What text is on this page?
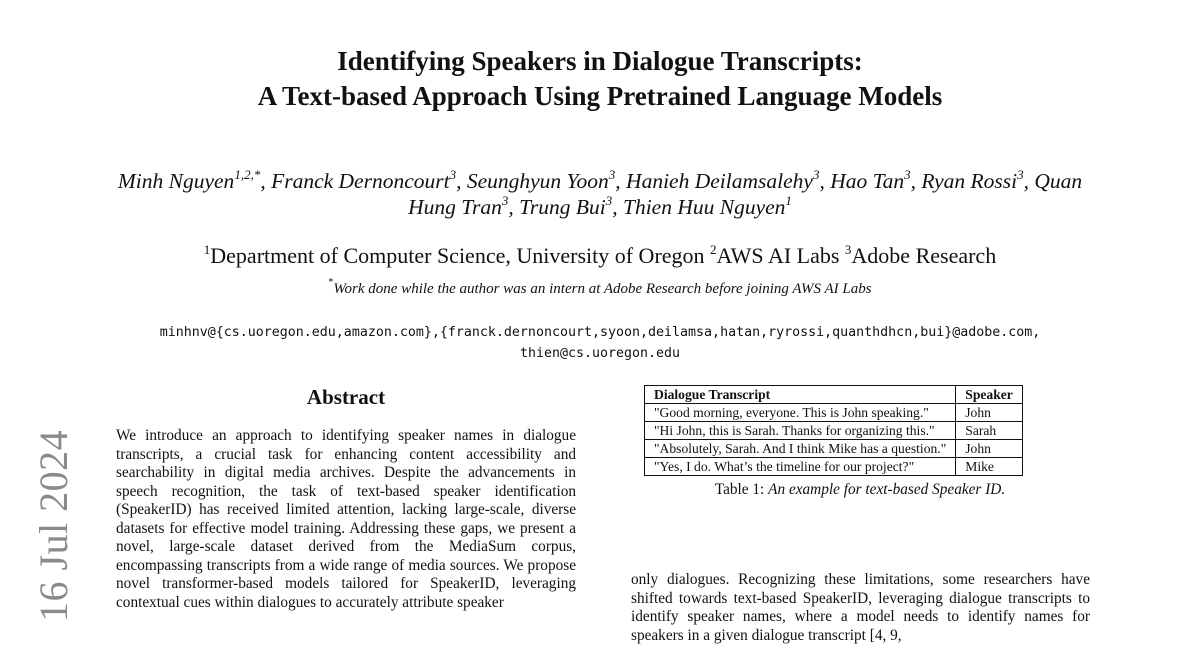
Identifying Speakers in Dialogue Transcripts:
A Text-based Approach Using Pretrained Language Models
Minh Nguyen$^{1,2,*}$, Franck Dernoncourt$^3$, Seunghyun Yoon$^3$, Hanieh Deilamsalehy$^3$, Hao Tan$^3$, Ryan Rossi$^3$, Quan Hung Tran$^3$, Trung Bui$^3$, Thien Huu Nguyen$^1$
$^1$Department of Computer Science, University of Oregon $^2$AWS AI Labs $^3$Adobe Research
*Work done while the author was an intern at Adobe Research before joining AWS AI Labs
minhnv@{cs.uoregon.edu,amazon.com},{franck.dernoncourt,syoon,deilamsa,hatan,ryrossi,quanthdhcn,bui}@adobe.com,
thien@cs.uoregon.edu
16 Jul 2024
Abstract
We introduce an approach to identifying speaker names in dialogue transcripts, a crucial task for enhancing content accessibility and searchability in digital media archives. Despite the advancements in speech recognition, the task of text-based speaker identification (SpeakerID) has received limited attention, lacking large-scale, diverse datasets for effective model training. Addressing these gaps, we present a novel, large-scale dataset derived from the MediaSum corpus, encompassing transcripts from a wide range of media sources. We propose novel transformer-based models tailored for SpeakerID, leveraging contextual cues within dialogues to accurately attribute speaker
Dialogue Transcript	Speaker
"Good morning, everyone. This is John speaking."	John
"Hi John, this is Sarah. Thanks for organizing this."	Sarah
"Absolutely, Sarah. And I think Mike has a question."	John
"Yes, I do. What’s the timeline for our project?"	Mike
Table 1: An example for text-based Speaker ID.
only dialogues. Recognizing these limitations, some researchers have shifted towards text-based SpeakerID, leveraging dialogue transcripts to identify speaker names, where a model needs to identify names for speakers in a given dialogue transcript [4, 9,
